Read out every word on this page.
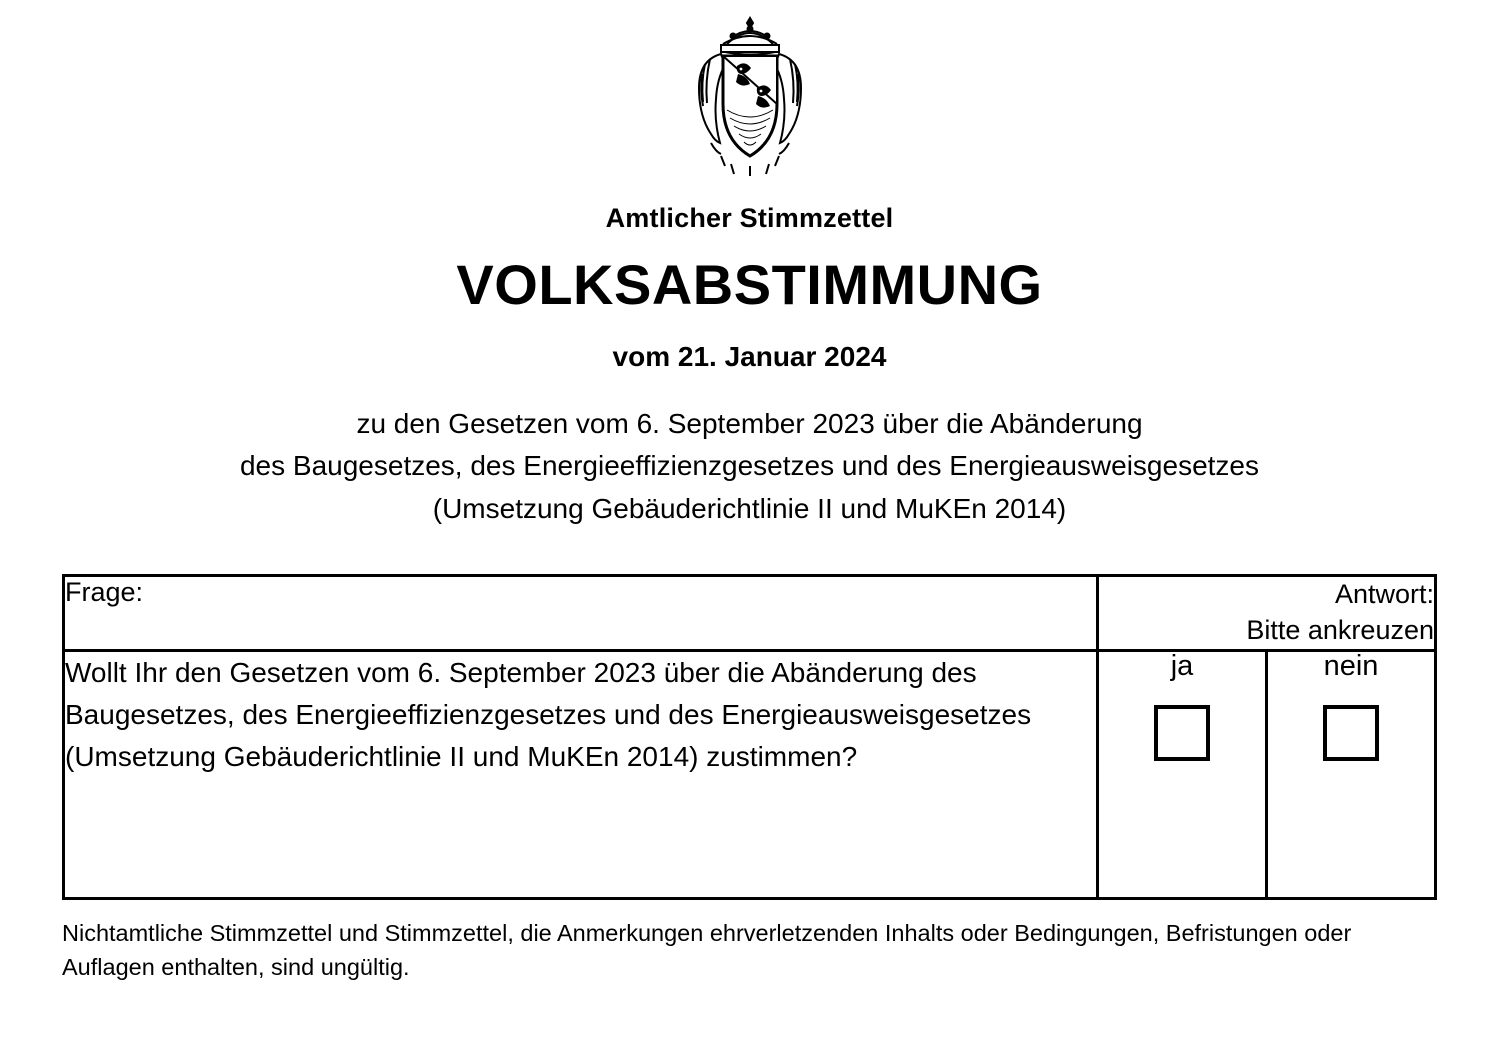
Amtlicher Stimmzettel
VOLKSABSTIMMUNG
vom 21. Januar 2024
zu den Gesetzen vom 6. September 2023 über die Abänderung
des Baugesetzes, des Energieeffizienzgesetzes und des Energieausweisgesetzes
(Umsetzung Gebäuderichtlinie II und MuKEn 2014)
Frage:	Antwort:
Bitte ankreuzen	

Wollt Ihr den Gesetzen vom 6. September 2023 über die Abänderung des Baugesetzes, des Energieeffizienzgesetzes und des Energieausweisgesetzes (Umsetzung Gebäuderichtlinie II und MuKEn 2014) zustimmen?	ja	nein
Nichtamtliche Stimmzettel und Stimmzettel, die Anmerkungen ehrverletzenden Inhalts oder Bedingungen, Befristungen oder Auflagen enthalten, sind ungültig.
